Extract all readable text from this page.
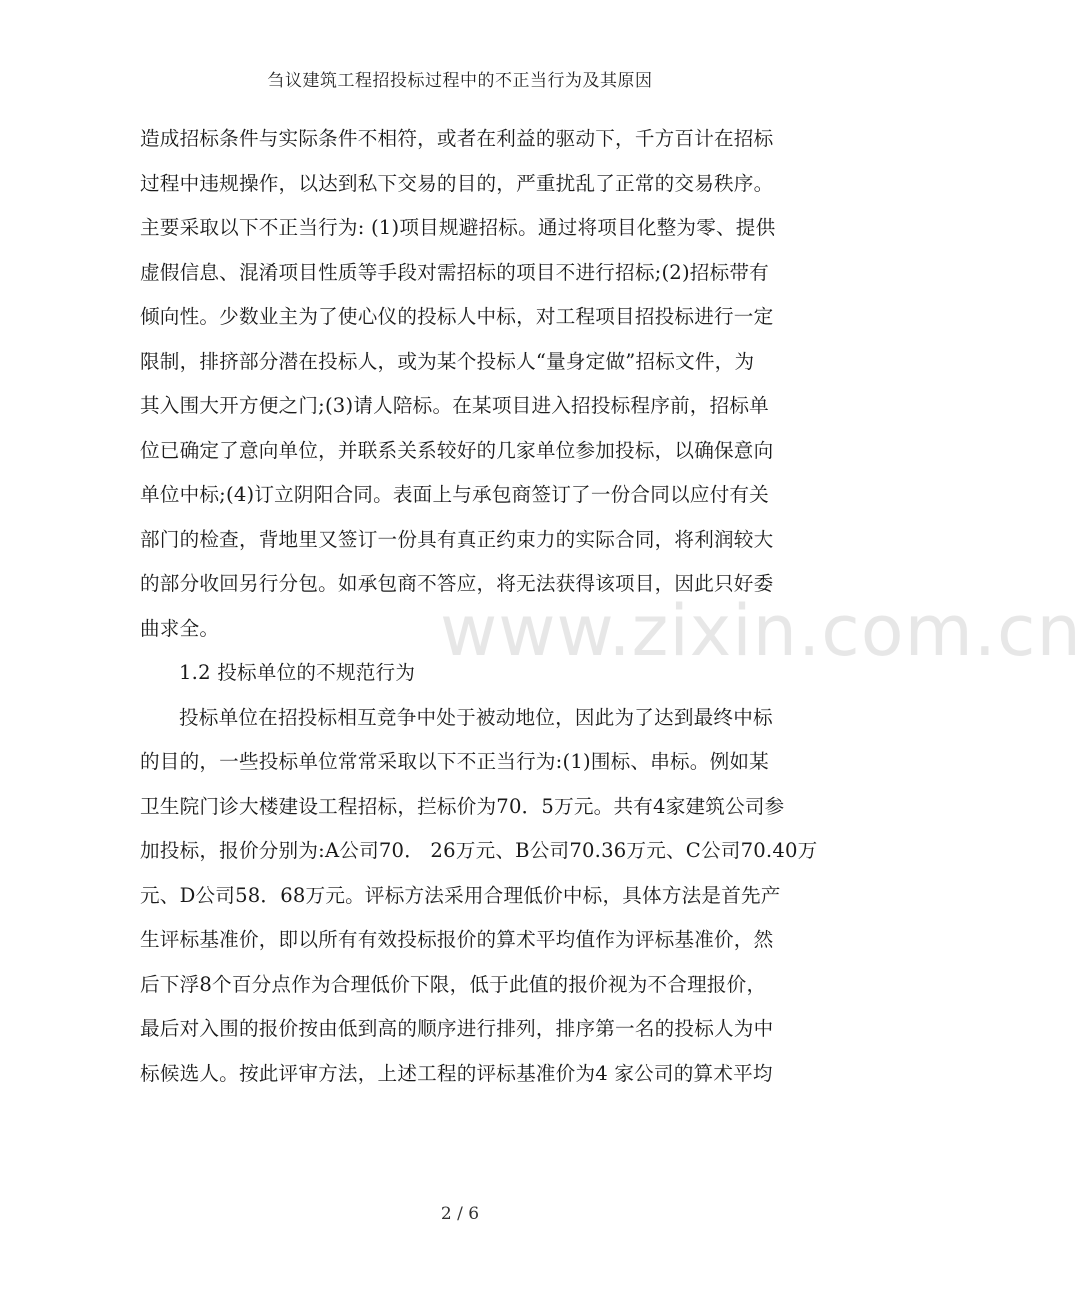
刍议建筑工程招投标过程中的不正当行为及其原因
www.zixin.com.cn
造成招标条件与实际条件不相符，或者在利益的驱动下，千方百计在招标
过程中违规操作，以达到私下交易的目的，严重扰乱了正常的交易秩序。
主要采取以下不正当行为: (1)项目规避招标。通过将项目化整为零、提供
虚假信息、混淆项目性质等手段对需招标的项目不进行招标;(2)招标带有
倾向性。少数业主为了使心仪的投标人中标，对工程项目招投标进行一定
限制，排挤部分潜在投标人，或为某个投标人“量身定做”招标文件，为
其入围大开方便之门;(3)请人陪标。在某项目进入招投标程序前，招标单
位已确定了意向单位，并联系关系较好的几家单位参加投标，以确保意向
单位中标;(4)订立阴阳合同。表面上与承包商签订了一份合同以应付有关
部门的检查，背地里又签订一份具有真正约束力的实际合同，将利润较大
的部分收回另行分包。如承包商不答应，将无法获得该项目，因此只好委
曲求全。
1.2 投标单位的不规范行为
投标单位在招投标相互竞争中处于被动地位，因此为了达到最终中标
的目的，一些投标单位常常采取以下不正当行为:(1)围标、串标。例如某
卫生院门诊大楼建设工程招标，拦标价为70．5万元。共有4家建筑公司参
加投标，报价分别为:A公司70． 26万元、B公司70.36万元、C公司70.40万
元、D公司58．68万元。评标方法采用合理低价中标，具体方法是首先产
生评标基准价，即以所有有效投标报价的算术平均值作为评标基准价，然
后下浮8个百分点作为合理低价下限，低于此值的报价视为不合理报价，
最后对入围的报价按由低到高的顺序进行排列，排序第一名的投标人为中
标候选人。按此评审方法，上述工程的评标基准价为4 家公司的算术平均
2 / 6
